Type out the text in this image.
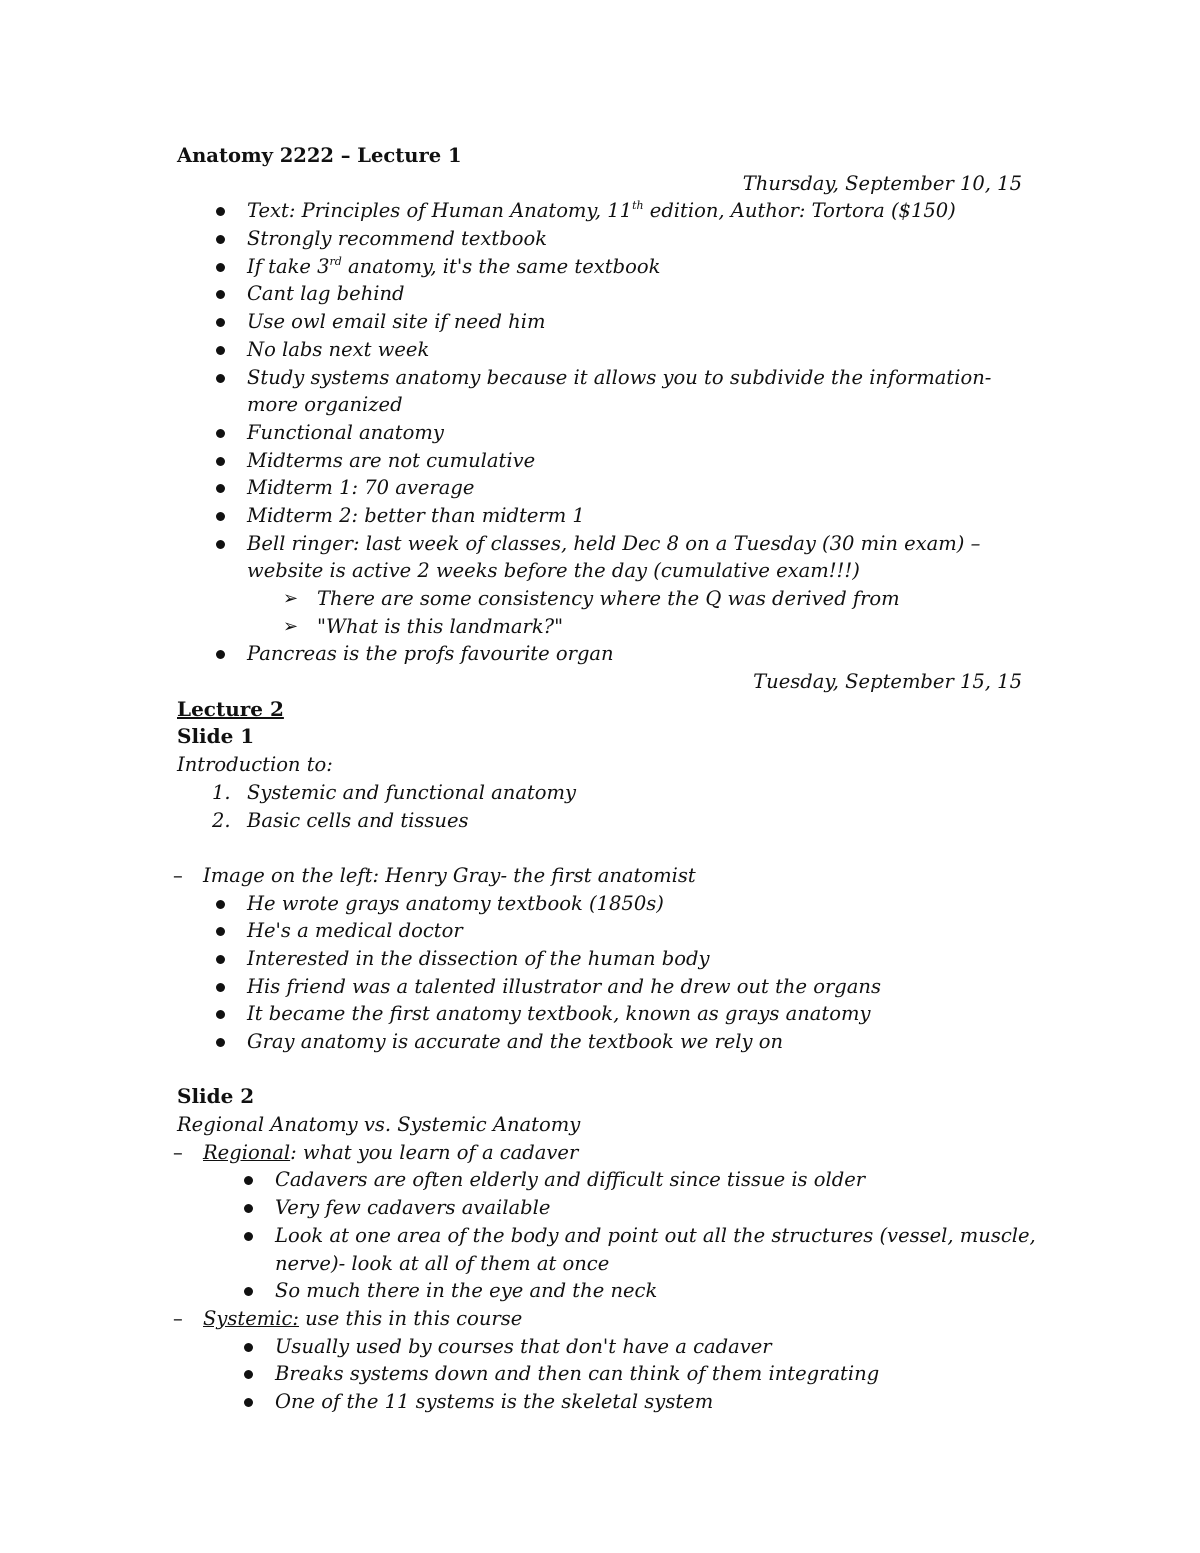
Anatomy 2222 – Lecture 1
Thursday, September 10, 15
Text: Principles of Human Anatomy, 11th edition, Author: Tortora ($150)
Strongly recommend textbook
If take 3rd anatomy, it's the same textbook
Cant lag behind
Use owl email site if need him
No labs next week
Study systems anatomy because it allows you to subdivide the information-
more organized
Functional anatomy
Midterms are not cumulative
Midterm 1: 70 average
Midterm 2: better than midterm 1
Bell ringer: last week of classes, held Dec 8 on a Tuesday (30 min exam) –
website is active 2 weeks before the day (cumulative exam!!!)
➢ There are some consistency where the Q was derived from
➢ "What is this landmark?"
Pancreas is the profs favourite organ
Tuesday, September 15, 15
Lecture 2
Slide 1
Introduction to:
1. Systemic and functional anatomy
2. Basic cells and tissues
– Image on the left: Henry Gray- the first anatomist
He wrote grays anatomy textbook (1850s)
He's a medical doctor
Interested in the dissection of the human body
His friend was a talented illustrator and he drew out the organs
It became the first anatomy textbook, known as grays anatomy
Gray anatomy is accurate and the textbook we rely on
Slide 2
Regional Anatomy vs. Systemic Anatomy
– Regional: what you learn of a cadaver
Cadavers are often elderly and difficult since tissue is older
Very few cadavers available
Look at one area of the body and point out all the structures (vessel, muscle,
nerve)- look at all of them at once
So much there in the eye and the neck
– Systemic: use this in this course
Usually used by courses that don't have a cadaver
Breaks systems down and then can think of them integrating
One of the 11 systems is the skeletal system
